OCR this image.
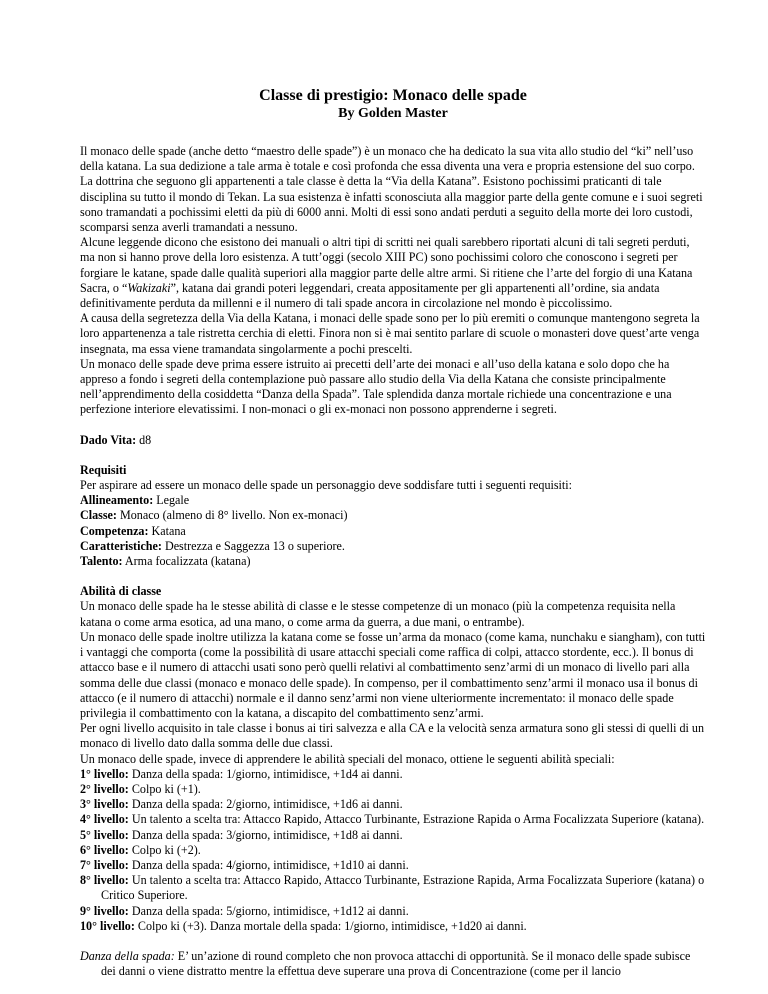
Classe di prestigio: Monaco delle spade

By Golden Master

Il monaco delle spade (anche detto “maestro delle spade”) è un monaco che ha dedicato la sua vita allo studio del “ki” nell’uso della katana. La sua dedizione a tale arma è totale e così profonda che essa diventa una vera e propria estensione del suo corpo. La dottrina che seguono gli appartenenti a tale classe è detta la “Via della Katana”. Esistono pochissimi praticanti di tale disciplina su tutto il mondo di Tekan. La sua esistenza è infatti sconosciuta alla maggior parte della gente comune e i suoi segreti sono tramandati a pochissimi eletti da più di 6000 anni. Molti di essi sono andati perduti a seguito della morte dei loro custodi, scomparsi senza averli tramandati a nessuno.

Alcune leggende dicono che esistono dei manuali o altri tipi di scritti nei quali sarebbero riportati alcuni di tali segreti perduti, ma non si hanno prove della loro esistenza. A tutt’oggi (secolo XIII PC) sono pochissimi coloro che conoscono i segreti per forgiare le katane, spade dalle qualità superiori alla maggior parte delle altre armi. Si ritiene che l’arte del forgio di una Katana Sacra, o “Wakizaki”, katana dai grandi poteri leggendari, creata appositamente per gli appartenenti all’ordine, sia andata definitivamente perduta da millenni e il numero di tali spade ancora in circolazione nel mondo è piccolissimo.

A causa della segretezza della Via della Katana, i monaci delle spade sono per lo più eremiti o comunque mantengono segreta la loro appartenenza a tale ristretta cerchia di eletti. Finora non si è mai sentito parlare di scuole o monasteri dove quest’arte venga insegnata, ma essa viene tramandata singolarmente a pochi prescelti.

Un monaco delle spade deve prima essere istruito ai precetti dell’arte dei monaci e all’uso della katana e solo dopo che ha appreso a fondo i segreti della contemplazione può passare allo studio della Via della Katana che consiste principalmente nell’apprendimento della cosiddetta “Danza della Spada”. Tale splendida danza mortale richiede una concentrazione e una perfezione interiore elevatissimi. I non-monaci o gli ex-monaci non possono apprenderne i segreti.

Dado Vita: d8

Requisiti

Per aspirare ad essere un monaco delle spade un personaggio deve soddisfare tutti i seguenti requisiti:

Allineamento: Legale

Classe: Monaco (almeno di 8° livello. Non ex-monaci)

Competenza: Katana

Caratteristiche: Destrezza e Saggezza 13 o superiore.

Talento: Arma focalizzata (katana)

Abilità di classe

Un monaco delle spade ha le stesse abilità di classe e le stesse competenze di un monaco (più la competenza requisita nella katana o come arma esotica, ad una mano, o come arma da guerra, a due mani, o entrambe).

Un monaco delle spade inoltre utilizza la katana come se fosse un’arma da monaco (come kama, nunchaku e siangham), con tutti i vantaggi che comporta (come la possibilità di usare attacchi speciali come raffica di colpi, attacco stordente, ecc.). Il bonus di attacco base e il numero di attacchi usati sono però quelli relativi al combattimento senz’armi di un monaco di livello pari alla somma delle due classi (monaco e monaco delle spade). In compenso, per il combattimento senz’armi il monaco usa il bonus di attacco (e il numero di attacchi) normale e il danno senz’armi non viene ulteriormente incrementato: il monaco delle spade privilegia il combattimento con la katana, a discapito del combattimento senz’armi.

Per ogni livello acquisito in tale classe i bonus ai tiri salvezza e alla CA e la velocità senza armatura sono gli stessi di quelli di un monaco di livello dato dalla somma delle due classi.

Un monaco delle spade, invece di apprendere le abilità speciali del monaco, ottiene le seguenti abilità speciali:

1° livello: Danza della spada: 1/giorno, intimidisce, +1d4 ai danni.

2° livello: Colpo ki (+1).

3° livello: Danza della spada: 2/giorno, intimidisce, +1d6 ai danni.

4° livello: Un talento a scelta tra: Attacco Rapido, Attacco Turbinante, Estrazione Rapida o Arma Focalizzata Superiore (katana).

5° livello: Danza della spada: 3/giorno, intimidisce, +1d8 ai danni.

6° livello: Colpo ki (+2).

7° livello: Danza della spada: 4/giorno, intimidisce, +1d10 ai danni.

8° livello: Un talento a scelta tra: Attacco Rapido, Attacco Turbinante, Estrazione Rapida, Arma Focalizzata Superiore (katana) o Critico Superiore.

9° livello: Danza della spada: 5/giorno, intimidisce, +1d12 ai danni.

10° livello: Colpo ki (+3). Danza mortale della spada: 1/giorno, intimidisce, +1d20 ai danni.

Danza della spada: E’ un’azione di round completo che non provoca attacchi di opportunità. Se il monaco delle spade subisce dei danni o viene distratto mentre la effettua deve superare una prova di Concentrazione (come per il lancio
